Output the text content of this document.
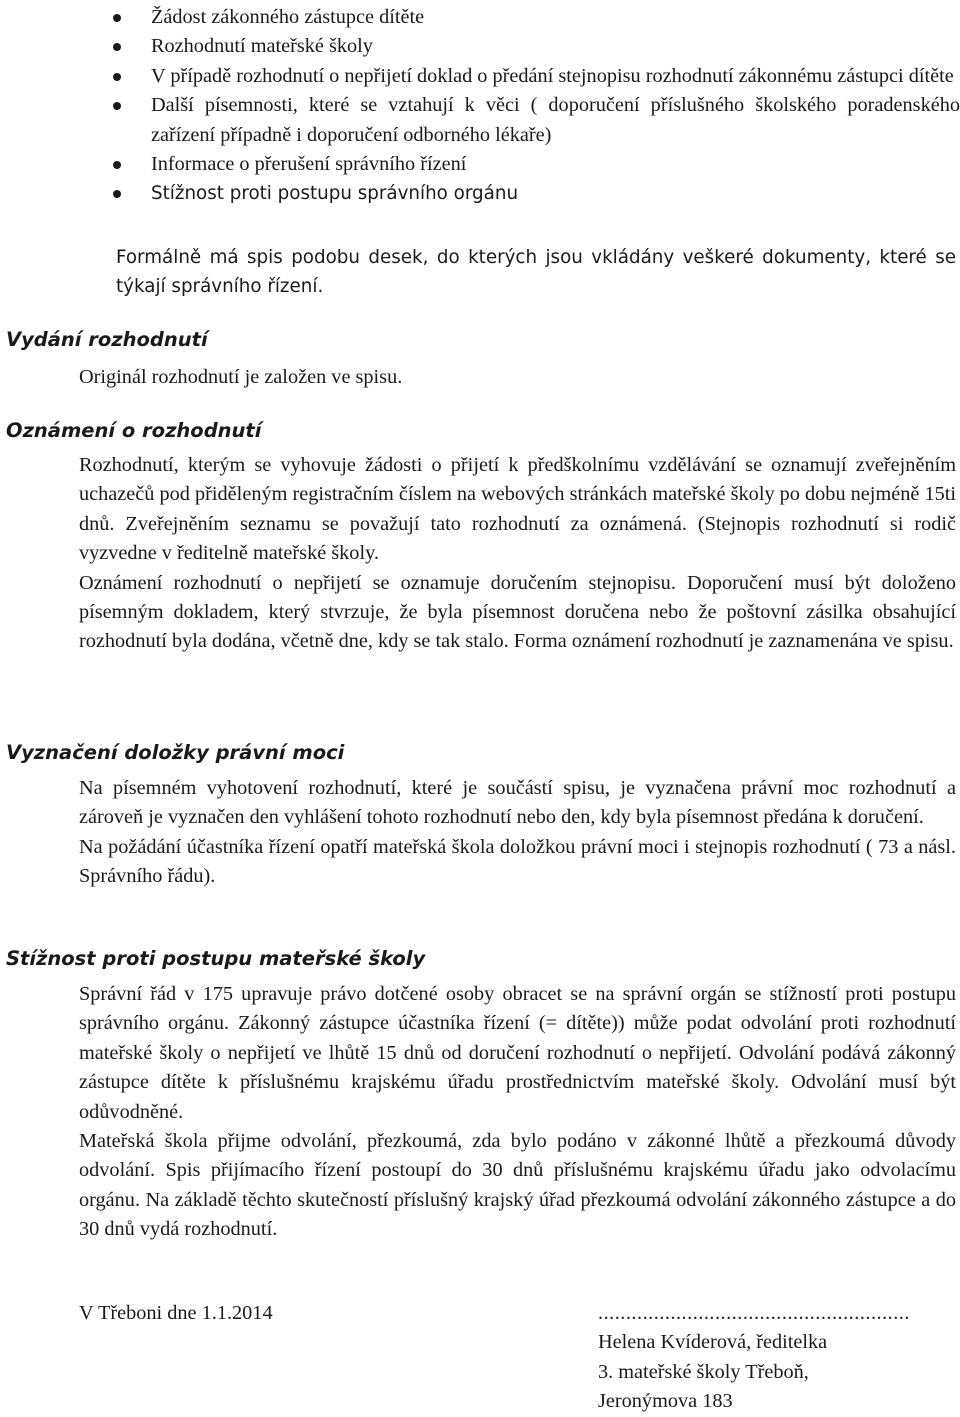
Žádost zákonného zástupce dítěte
Rozhodnutí mateřské školy
V případě rozhodnutí o nepřijetí doklad o předání stejnopisu rozhodnutí zákonnému zástupci dítěte
Další písemnosti, které se vztahují k věci ( doporučení příslušného školského poradenského zařízení případně i doporučení odborného lékaře)
Informace o přerušení správního řízení
Stížnost proti postupu správního orgánu
Formálně má spis podobu desek, do kterých jsou vkládány veškeré dokumenty, které se týkají správního řízení.
Vydání rozhodnutí

Originál rozhodnutí je založen ve spisu.

Oznámení o rozhodnutí

Rozhodnutí, kterým se vyhovuje žádosti o přijetí k předškolnímu vzdělávání se oznamují zveřejněním uchazečů pod přiděleným registračním číslem na webových stránkách mateřské školy po dobu nejméně 15ti dnů. Zveřejněním seznamu se považují tato rozhodnutí za oznámená. (Stejnopis rozhodnutí si rodič vyzvedne v ředitelně mateřské školy.

Oznámení rozhodnutí o nepřijetí se oznamuje doručením stejnopisu. Doporučení musí být doloženo písemným dokladem, který stvrzuje, že byla písemnost doručena nebo že poštovní zásilka obsahující rozhodnutí byla dodána, včetně dne, kdy se tak stalo. Forma oznámení rozhodnutí je zaznamenána ve spisu.

Vyznačení doložky právní moci

Na písemném vyhotovení rozhodnutí, které je součástí spisu, je vyznačena právní moc rozhodnutí a zároveň je vyznačen den vyhlášení tohoto rozhodnutí nebo den, kdy byla písemnost předána k doručení.

Na požádání účastníka řízení opatří mateřská škola doložkou právní moci i stejnopis rozhodnutí ( 73 a násl. Správního řádu).

Stížnost proti postupu mateřské školy

Správní řád v 175 upravuje právo dotčené osoby obracet se na správní orgán se stížností proti postupu správního orgánu. Zákonný zástupce účastníka řízení (= dítěte)) může podat odvolání proti rozhodnutí mateřské školy o nepřijetí ve lhůtě 15 dnů od doručení rozhodnutí o nepřijetí. Odvolání podává zákonný zástupce dítěte k příslušnému krajskému úřadu prostřednictvím mateřské školy. Odvolání musí být odůvodněné.

Mateřská škola přijme odvolání, přezkoumá, zda bylo podáno v zákonné lhůtě a přezkoumá důvody odvolání. Spis přijímacího řízení postoupí do 30 dnů příslušnému krajskému úřadu jako odvolacímu orgánu. Na základě těchto skutečností příslušný krajský úřad přezkoumá odvolání zákonného zástupce a do 30 dnů vydá rozhodnutí.

V Třeboni dne 1.1.2014	........................................................
Helena Kvíderová, ředitelka
3. mateřské školy Třeboň,
Jeronýmova 183
